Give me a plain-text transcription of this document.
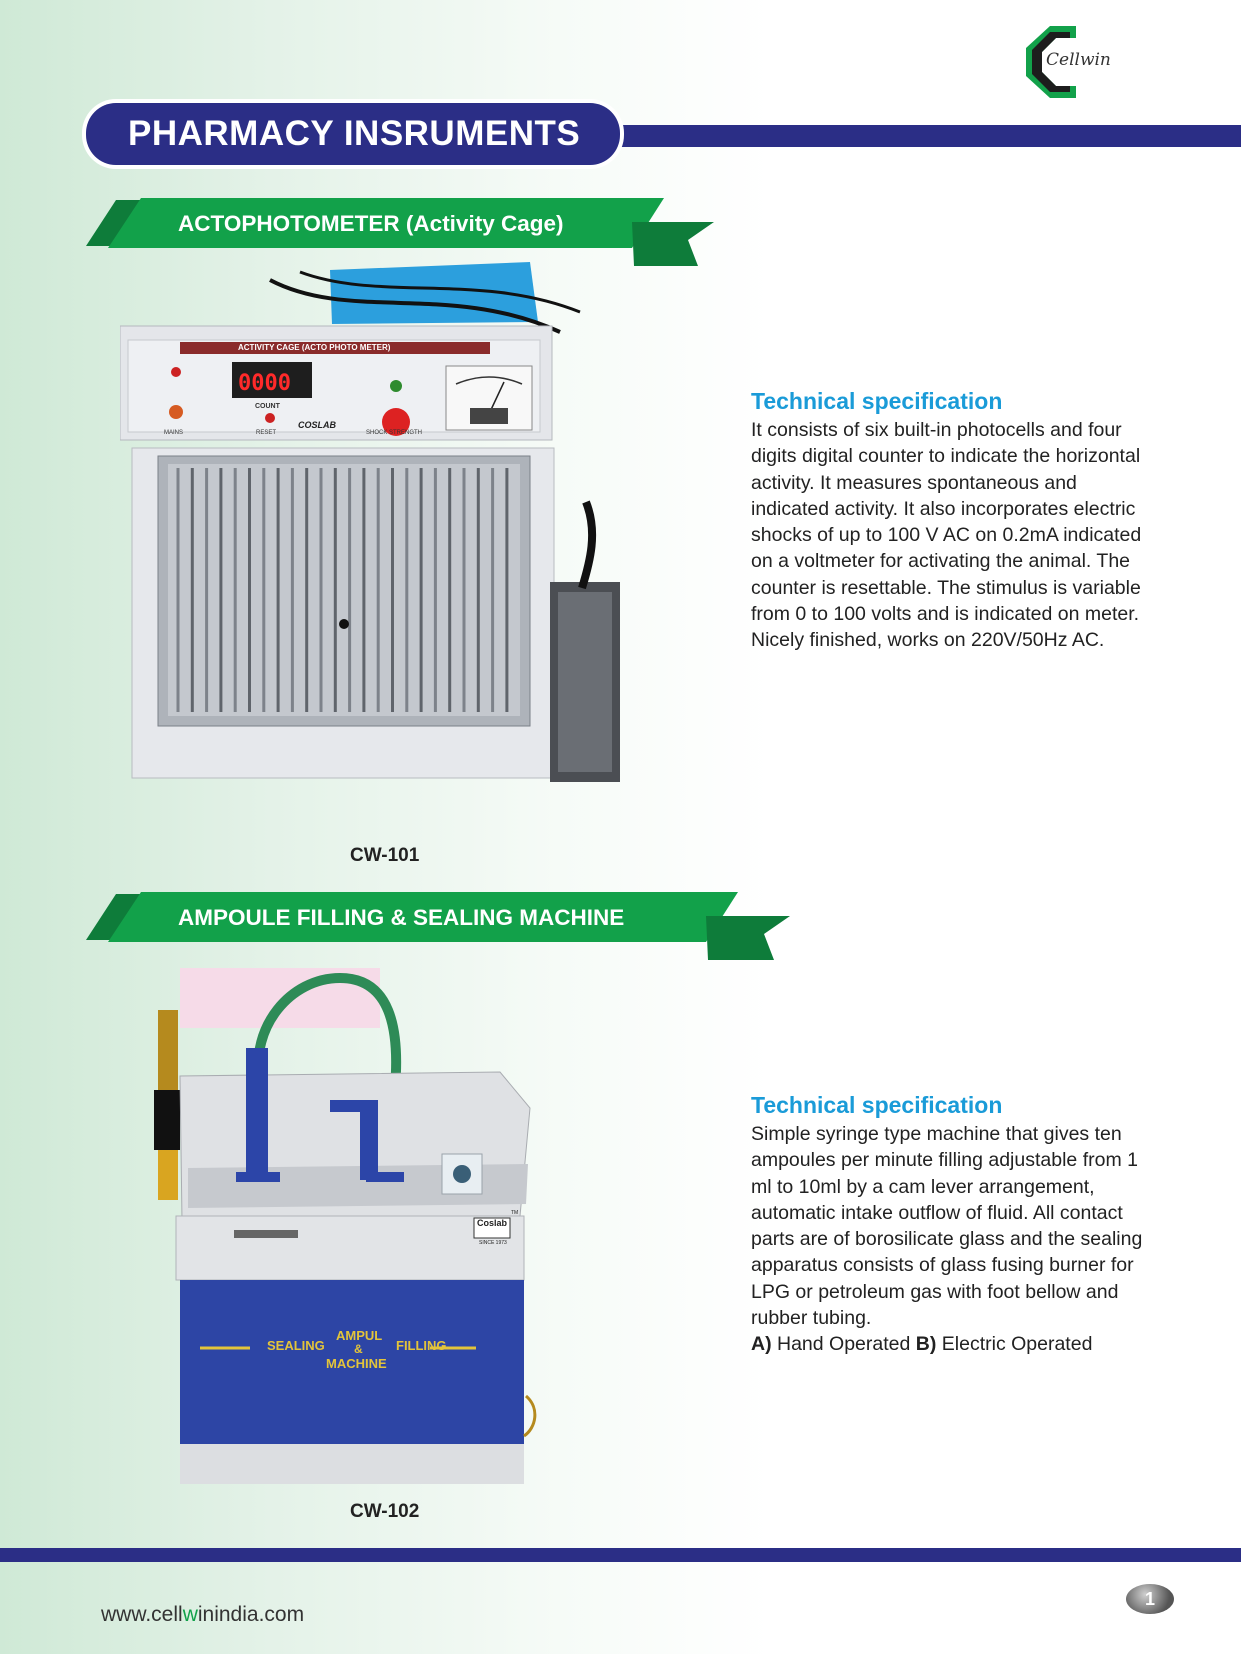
Cellwin
PHARMACY INSRUMENTS
ACTOPHOTOMETER (Activity Cage)
0000
ACTIVITY CAGE (ACTO PHOTO METER)
COUNT
COSLAB
MAINS	RESET	SHOCK STRENGTH
CW-101
Technical specification
It consists of six built-in photocells and four digits digital counter to indicate the horizontal activity. It measures spontaneous and indicated activity. It also incorporates electric shocks of up to 100 V AC on 0.2mA indicated on a voltmeter for activating the animal. The counter is resettable. The stimulus is variable from 0 to 100 volts and is indicated on meter. Nicely finished, works on 220V/50Hz AC.
AMPOULE FILLING & SEALING MACHINE
SEALING
AMPUL
&
MACHINE
FILLING
Coslab
SINCE 1973
TM
CW-102
Technical specification
Simple syringe type machine that gives ten ampoules per minute filling adjustable from 1 ml to 10ml by a cam lever arrangement, automatic intake outflow of fluid. All contact parts are of borosilicate glass and the sealing apparatus consists of glass fusing burner for LPG or petroleum gas with foot bellow and rubber tubing.
A) Hand Operated B) Electric Operated
www.cellwinindia.com
1
